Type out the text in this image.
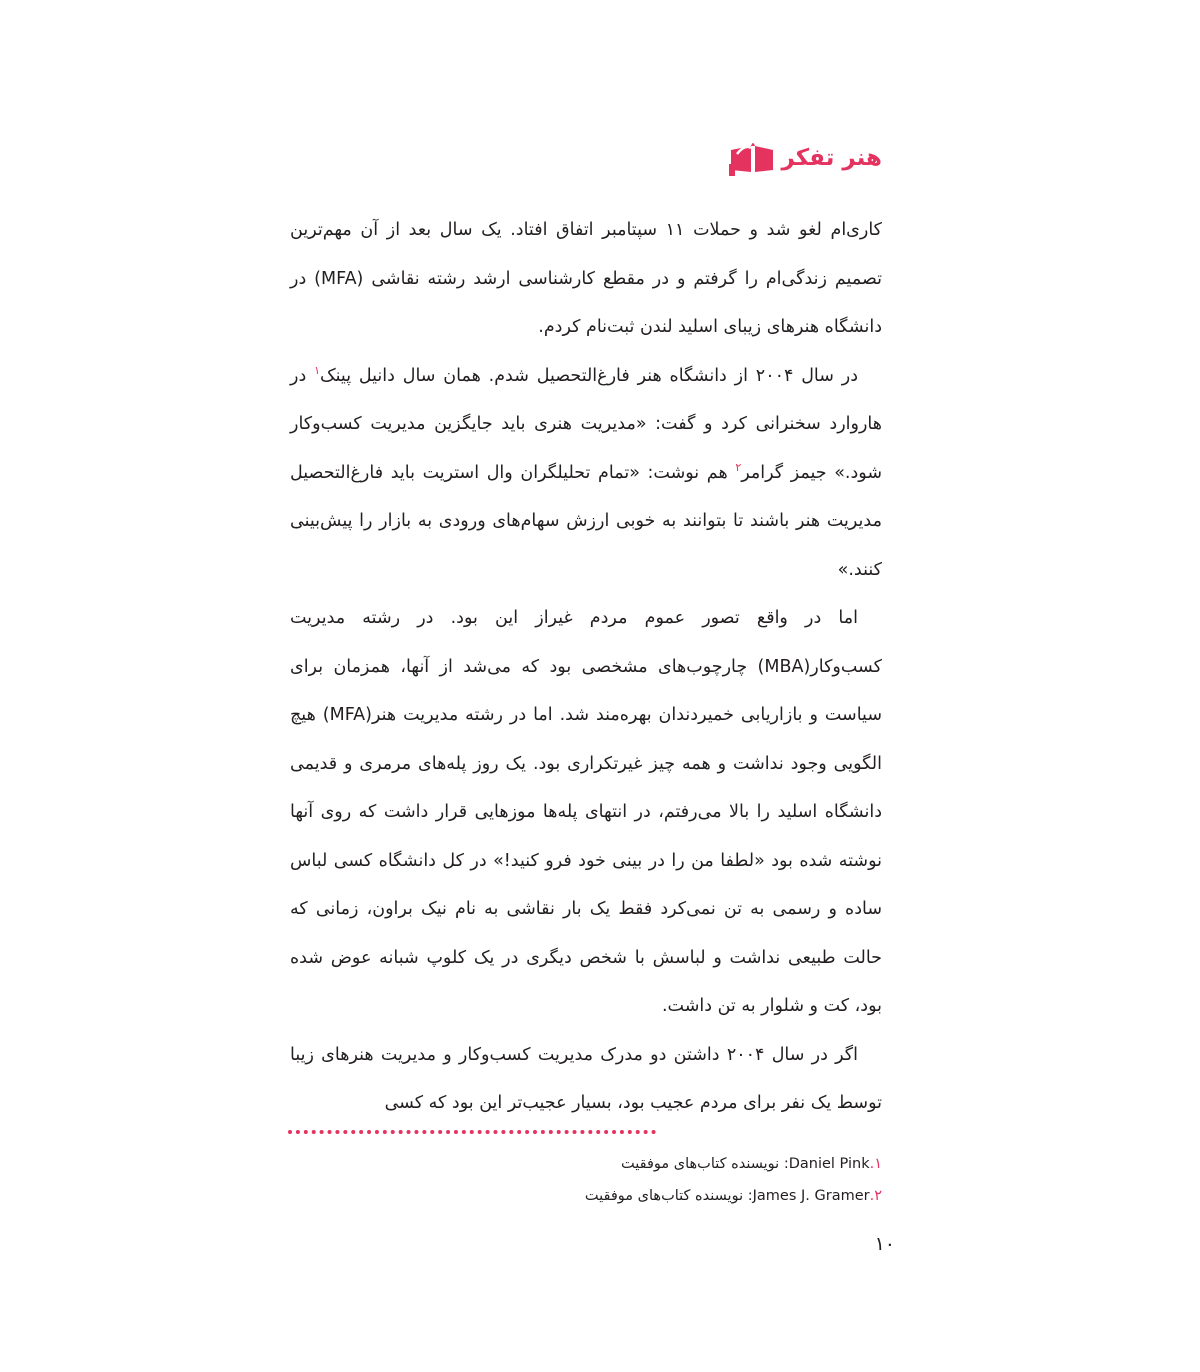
هنر تفکر

کاری‌ام لغو شد و حملات ۱۱ سپتامبر اتفاق افتاد. یک سال بعد از آن مهم‌ترین تصمیم زندگی‌ام را گرفتم و در مقطع کارشناسی ارشد رشته نقاشی (MFA) در دانشگاه هنرهای زیبای اسلید لندن ثبت‌نام کردم.

در سال ۲۰۰۴ از دانشگاه هنر فارغ‌التحصیل شدم. همان سال دانیل پینک$^۱$ در هاروارد سخنرانی کرد و گفت: «مدیریت هنری باید جایگزین مدیریت کسب‌وکار شود.» جیمز گرامر$^۲$ هم نوشت: «تمام تحلیلگران وال استریت باید فارغ‌التحصیل مدیریت هنر باشند تا بتوانند به خوبی ارزش سهام‌های ورودی به بازار را پیش‌بینی کنند.»

اما در واقع تصور عموم مردم غیراز این بود. در رشته مدیریت کسب‌وکار(MBA) چارچوب‌های مشخصی بود که می‌شد از آنها، همزمان برای سیاست و بازاریابی خمیردندان بهره‌مند شد. اما در رشته مدیریت هنر(MFA) هیچ الگویی وجود نداشت و همه چیز غیرتکراری بود. یک روز پله‌های مرمری و قدیمی دانشگاه اسلید را بالا می‌رفتم، در انتهای پله‌ها موزهایی قرار داشت که روی آنها نوشته شده بود «لطفا من را در بینی خود فرو کنید!» در کل دانشگاه کسی لباس ساده و رسمی به تن نمی‌کرد فقط یک بار نقاشی به نام نیک براون، زمانی که حالت طبیعی نداشت و لباسش با شخص دیگری در یک کلوپ شبانه عوض شده بود، کت و شلوار به تن داشت.

اگر در سال ۲۰۰۴ داشتن دو مدرک مدیریت کسب‌وکار و مدیریت هنرهای زیبا توسط یک نفر برای مردم عجیب بود، بسیار عجیب‌تر این بود که کسی

۱.Daniel Pink: نویسنده کتاب‌های موفقیت
۲.James J. Gramer: نویسنده کتاب‌های موفقیت
۱۰
